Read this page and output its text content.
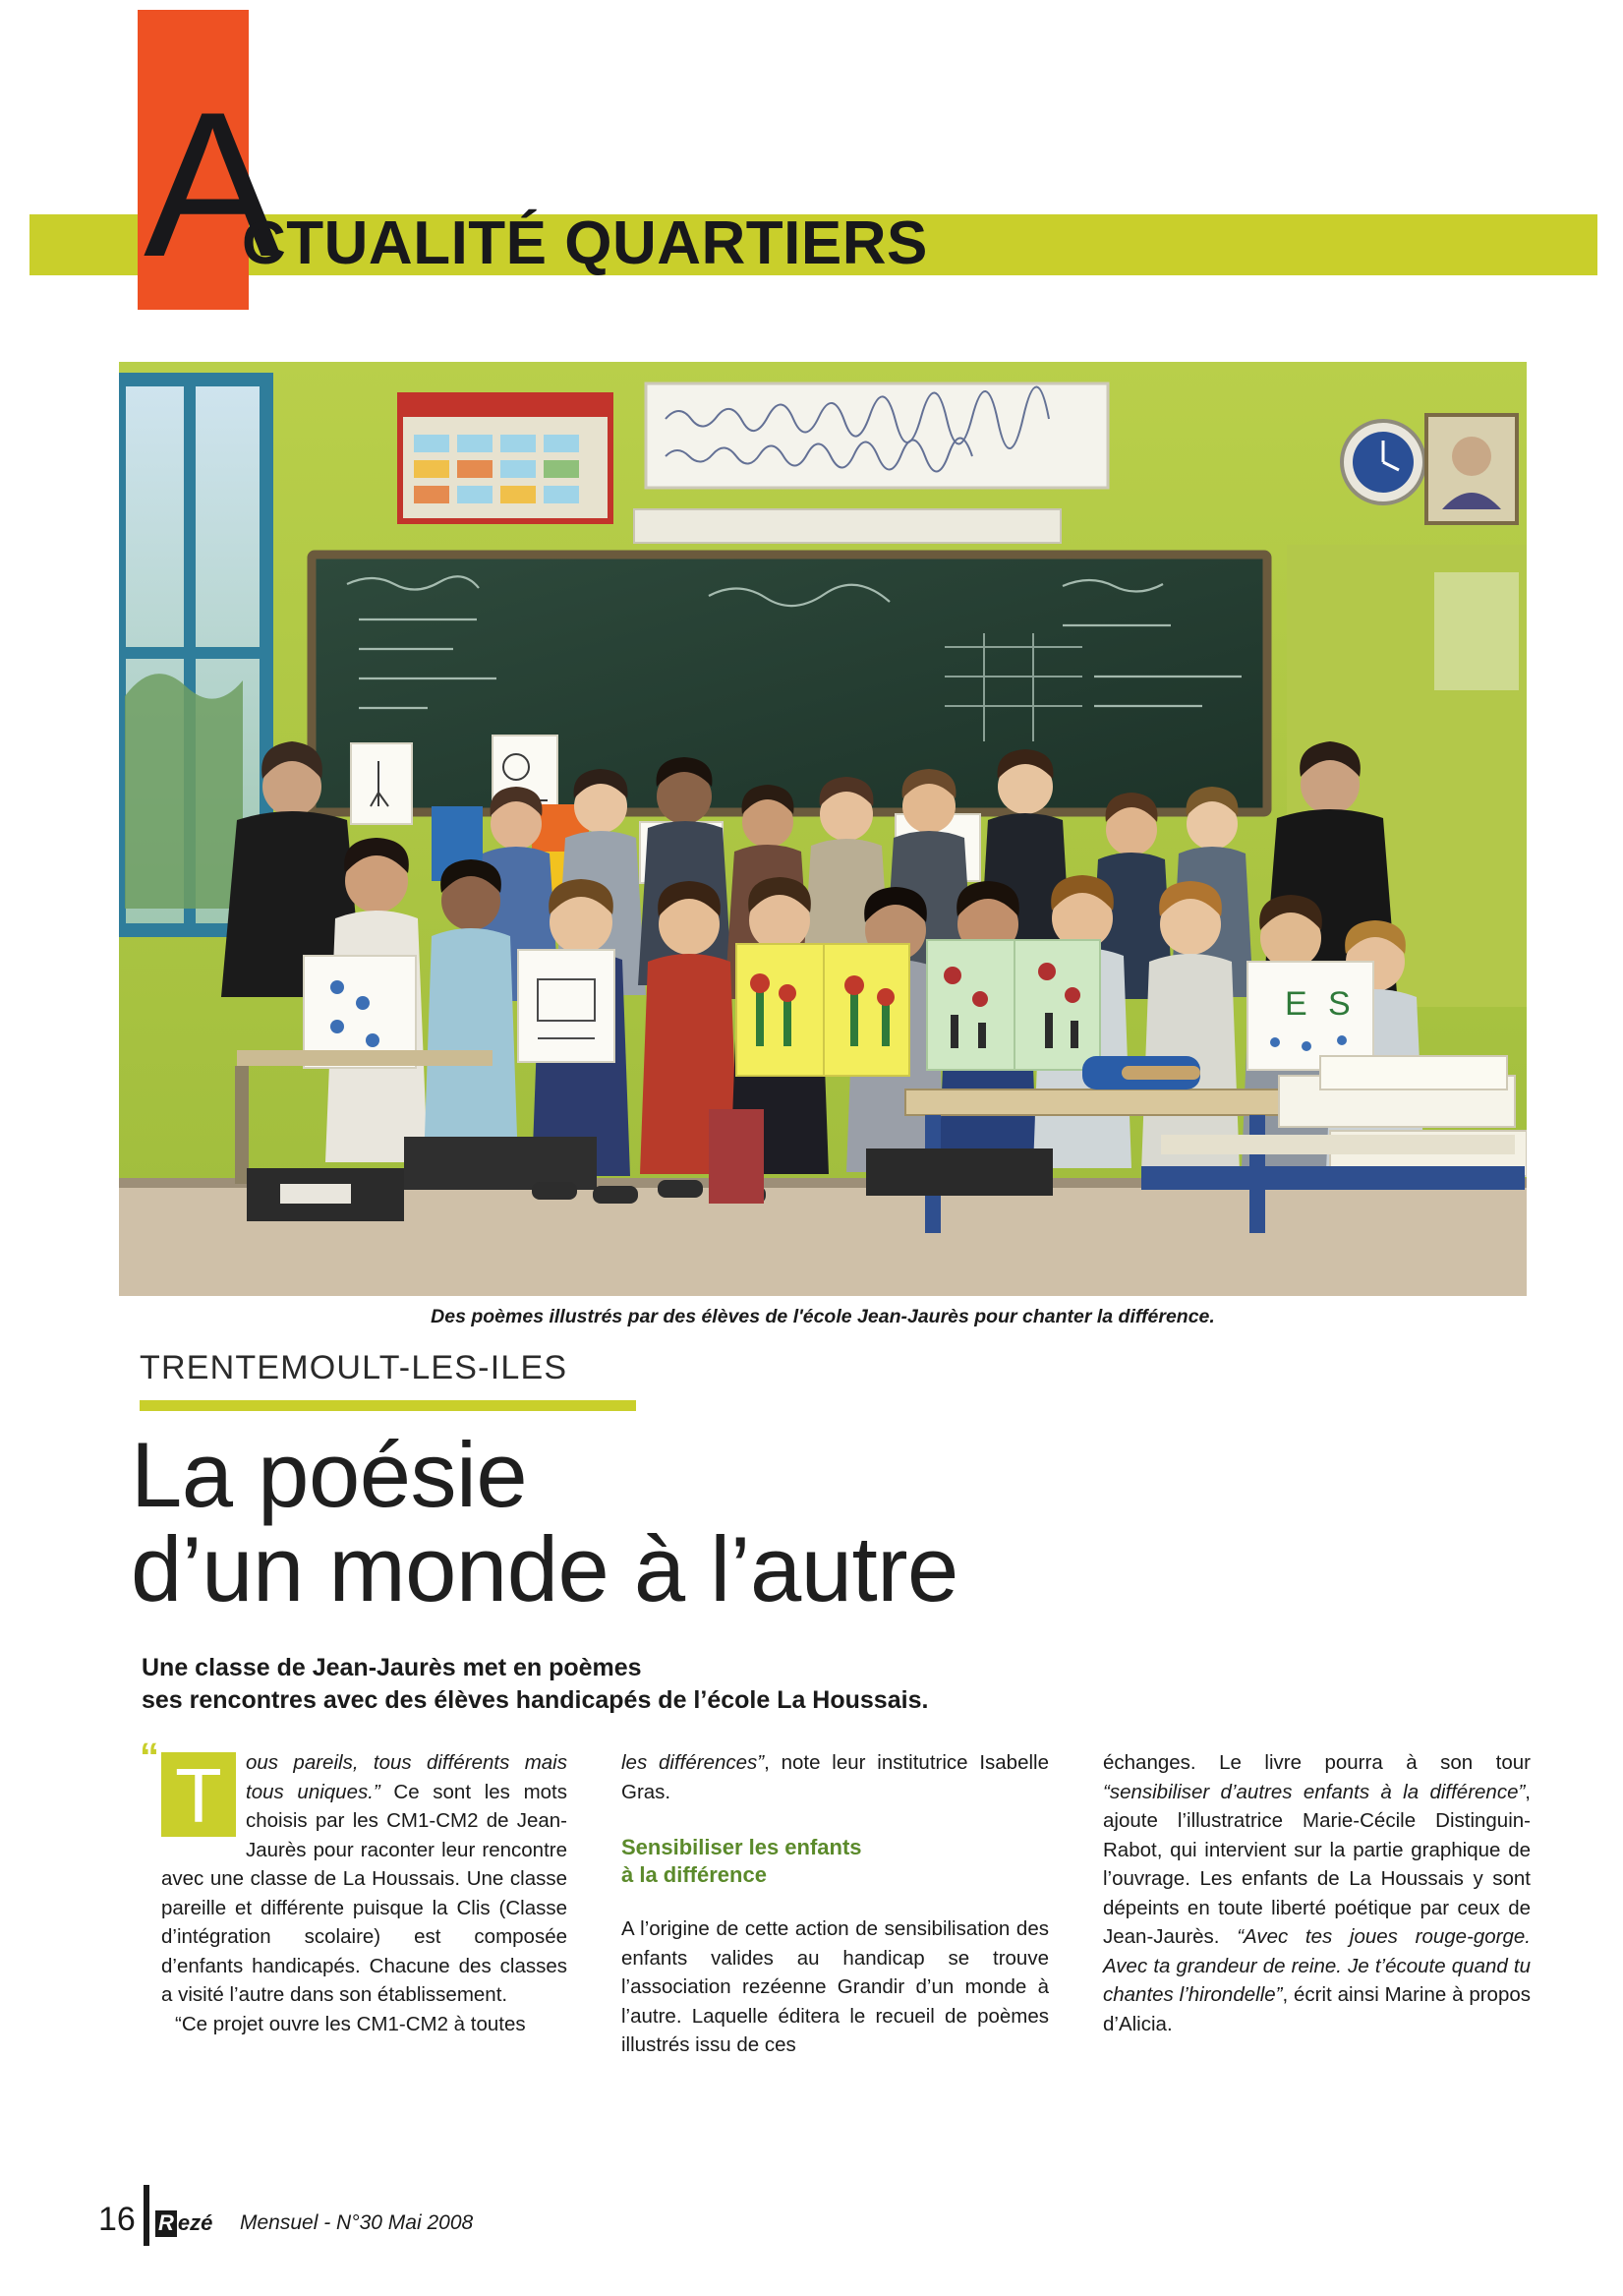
A
CTUALITÉ QUARTIERS
E S
Des poèmes illustrés par des élèves de l'école Jean-Jaurès pour chanter la différence.
TRENTEMOULT-LES-ILES
La poésie
d’un monde à l’autre
Une classe de Jean-Jaurès met en poèmes
ses rencontres avec des élèves handicapés de l’école La Houssais.
“ T	ous pareils, tous différents mais tous uniques.” Ce sont les mots choisis par les CM1-CM2 de Jean-Jaurès pour raconter leur rencontre avec une classe de La Houssais. Une classe pareille et différente puisque la Clis (Classe d’intégration scolaire) est composée d’enfants handicapés. Chacune des classes a visité l’autre dans son établissement.

“Ce projet ouvre les CM1-CM2 à toutes

les différences”, note leur institutrice Isabelle Gras.

Sensibiliser les enfants
à la différence

A l’origine de cette action de sensibilisation des enfants valides au handicap se trouve l’association rezéenne Grandir d’un monde à l’autre. Laquelle éditera le recueil de poèmes illustrés issu de ces

échanges. Le livre pourra à son tour “sensibiliser d’autres enfants à la différence”, ajoute l’illustratrice Marie-Cécile Distinguin-Rabot, qui intervient sur la partie graphique de l’ouvrage. Les enfants de La Houssais y sont dépeints en toute liberté poétique par ceux de Jean-Jaurès. “Avec tes joues rouge-gorge. Avec ta grandeur de reine. Je t’écoute quand tu chantes l’hirondelle”, écrit ainsi Marine à propos d’Alicia.

16 R ezé Mensuel - N°30 Mai 2008
